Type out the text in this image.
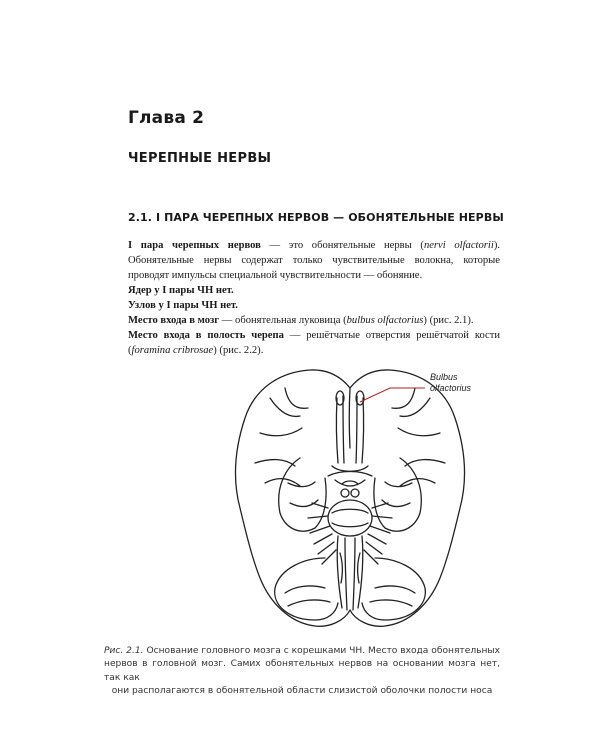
Глава 2
ЧЕРЕПНЫЕ НЕРВЫ
2.1. I ПАРА ЧЕРЕПНЫХ НЕРВОВ — ОБОНЯТЕЛЬНЫЕ НЕРВЫ

I пара черепных нервов — это обонятельные нервы (nervi olfactorii). Обонятельные нервы содержат только чувствительные волокна, которые проводят импульсы специальной чувствительности — обоняние.

Ядер у I пары ЧН нет.

Узлов у I пары ЧН нет.

Место входа в мозг — обонятельная луковица (bulbus olfactorius) (рис. 2.1).

Место входа в полость черепа — решётчатые отверстия решётчатой кости (foramina cribrosae) (рис. 2.2).

Bulbus
olfactorius
Рис. 2.1. Основание головного мозга с корешками ЧН. Место входа обонятельных нервов в головной мозг. Самих обонятельных нервов на основании мозга нет, так как
они располагаются в обонятельной области слизистой оболочки полости носа
